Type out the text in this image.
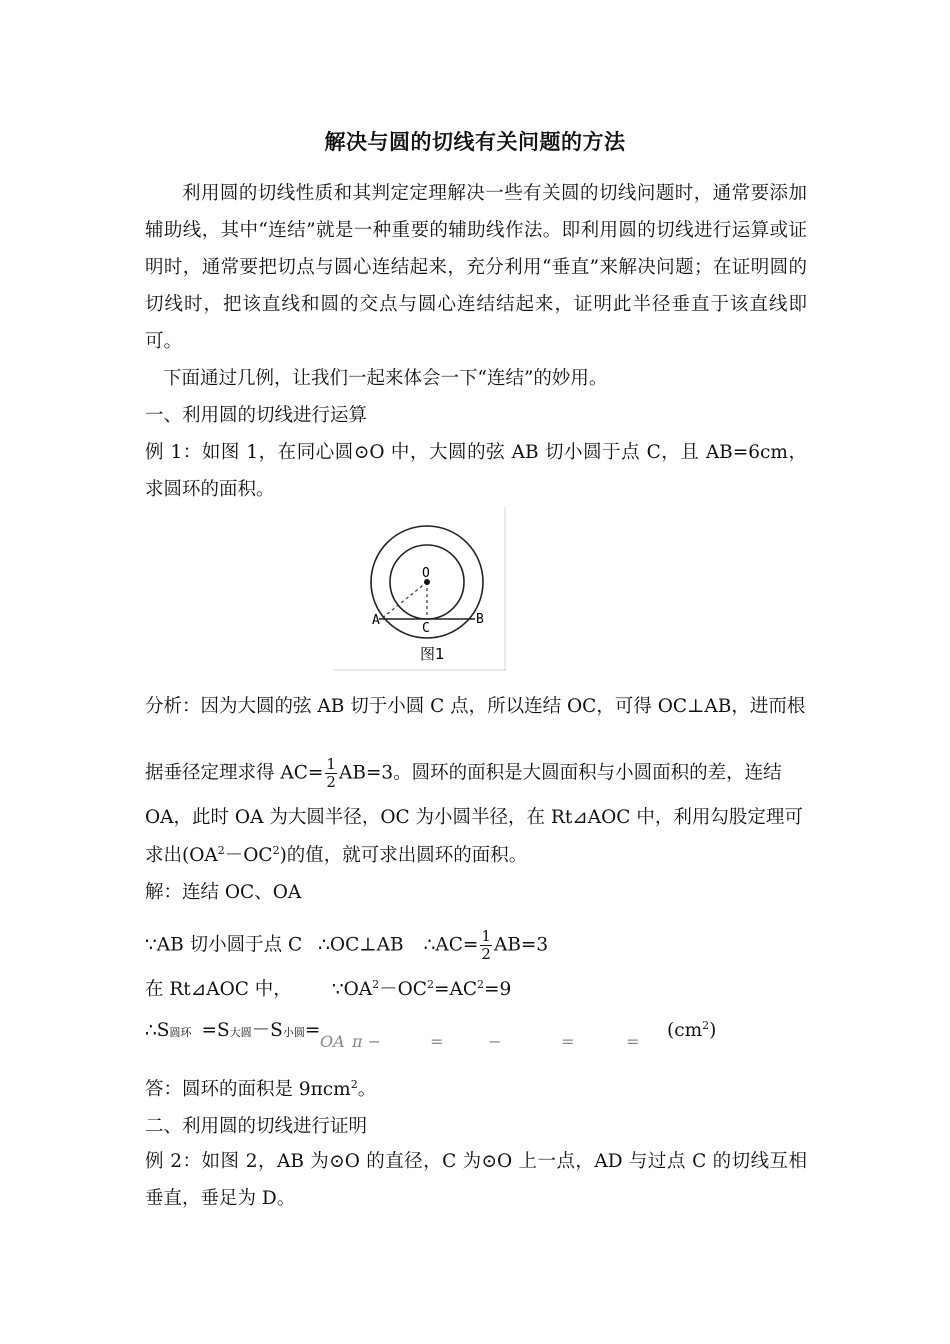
解决与圆的切线有关问题的方法
利用圆的切线性质和其判定定理解决一些有关圆的切线问题时，通常要添加辅助线，其中“连结”就是一种重要的辅助线作法。即利用圆的切线进行运算或证明时，通常要把切点与圆心连结起来，充分利用“垂直”来解决问题；在证明圆的切线时，把该直线和圆的交点与圆心连结结起来，证明此半径垂直于该直线即可。
下面通过几例，让我们一起来体会一下“连结”的妙用。
一、利用圆的切线进行运算
例 1：如图 1，在同心圆⊙O 中，大圆的弦 AB 切小圆于点 C，且 AB=6cm，求圆环的面积。
O
A	B
C
图1
分析：因为大圆的弦 AB 切于小圆 C 点，所以连结 OC，可得 OC⊥AB，进而根
据垂径定理求得 $AC= \frac{1}{2} AB=3$。圆环的面积是大圆面积与小圆面积的差，连结
OA，此时 OA 为大圆半径，OC 为小圆半径，在 Rt⊿AOC 中，利用勾股定理可
求出$(OA^2-OC^2)$的值，就可求出圆环的面积。
解：连结 OC、OA
∵AB 切小圆于点 C ∴OC⊥AB ∴AC= $\frac{1}{2} AB=3$
在 Rt⊿AOC 中， $\because OA^2-OC^2=AC^2=9$
∴S圆环 =S大圆－S小圆=
OA π −	=	−	=	=
$(cm^2)$
答：圆环的面积是 9πcm$^2$。
二、利用圆的切线进行证明
例 2：如图 2，AB 为⊙O 的直径，C 为⊙O 上一点，AD 与过点 C 的切线互相垂直，垂足为 D。
